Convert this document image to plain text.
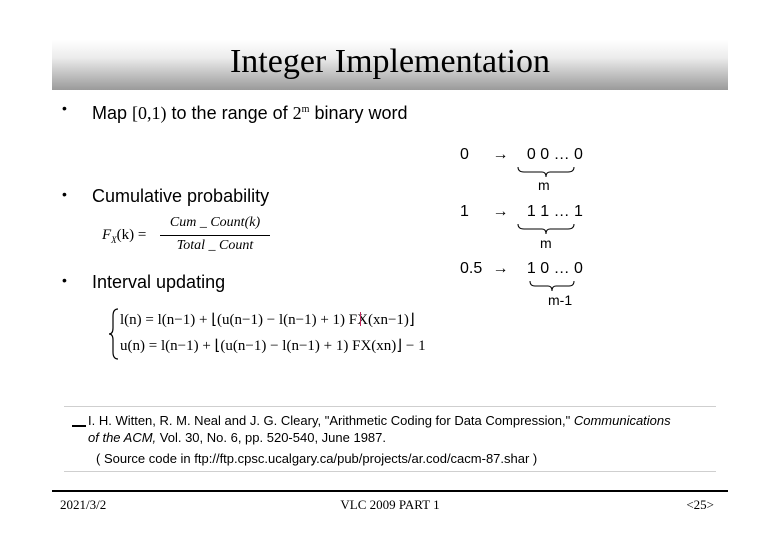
Integer Implementation
• Map [0,1) to the range of 2$^m$ binary word
• Cumulative probability
$F_X(k)$ =
Cum _ Count(k)
Total _ Count
• Interval updating
0 → 0 0 … 0
m
1 → 1 1 … 1
m
0.5 → 1 0 … 0
m-1
l(n) = l(n−1) + ⌊(u(n−1) − l(n−1) + 1) FX(xn−1)⌋
u(n) = l(n−1) + ⌊(u(n−1) − l(n−1) + 1) FX(xn)⌋ − 1
I. H. Witten, R. M. Neal and J. G. Cleary, "Arithmetic Coding for Data Compression," Communications
of the ACM, Vol. 30, No. 6, pp. 520-540, June 1987.
( Source code in ftp://ftp.cpsc.ucalgary.ca/pub/projects/ar.cod/cacm-87.shar )
2021/3/2	VLC 2009 PART 1	<25>
